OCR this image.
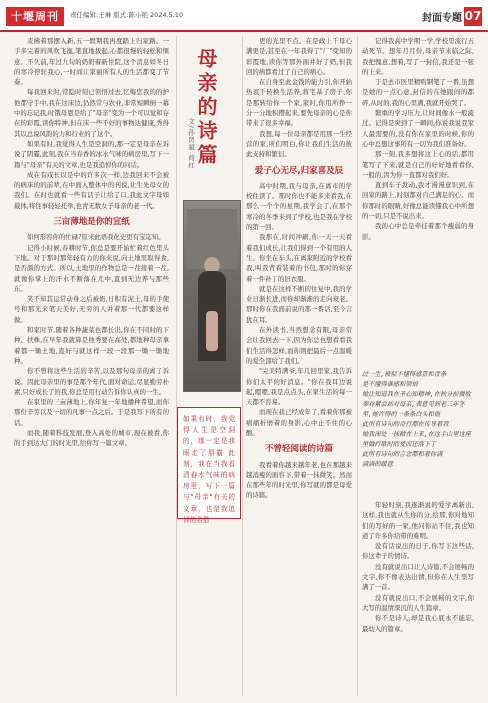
十堰周刊	责任编辑:王琳 版式:陈小艳 2024.5.10	封面专题 07

麦拂着那摆入新,五一假期我再度踏上归家路。一手多完着的风吹飞迤,笔直地拔起,心都很慢的轻松和惬意。不久前,年过九旬的奶奶着新住院,这个消息如冬日的寒冷停驻我心,一时间让家丽所有人的生活都变了节奏。

每我回来时,常隐时刻已领悟过去,忆悔您我的的护他都守手中,我在这床边,仍然常与农业,非常短瞬倒一幕中的忘记我,时饿母恩是给了"母亲"变为一个可以觉和存在的彩霞,读你特神,但在床一些不好的事物达健康,秀得其以总说风韵的力和行业的了这个。

如果有时,我觉得人生是空洞的,那一定是母亲在诉说了阴霾,此刻,我在当春香的冰水气味的病房里,写下一篇与"母亲"有关的文章,也是我追悼你的问话。

成在有咸长以是中的许多次一样,边我回来不会被的病床的的前辈,在中面入整体中的刊说,让生先母女的我们。在时也就看一些有话子让给了口,我此文字母如载体,将往事轻轻托举,也青无数女子母亲的老一代。

三亩薄地是你的宣纸

如何形容你的忙碌?原来此语我化史更有宝迄知。

记得小时候,春耕时节,你总是要开始忙着红色里头下地。对于那时那年轻有力的你来说,向土地里取得食,是否颜的方式。所以,土地里的作物总是一茬接着一茬,就像你掌上的汗水不断落在尤中,直到无边养与那些东。

笑不知其运常动身之后被奶,日积有泥土,母的手使号和那光来笔天美好,无穷的人并着那一代都要这样做。

和家时节,随着各种蔬菜也都长出,你在不同时的下种、扶株,在早年我就算是他秀要在高处,都地种母亲拿着都一锄土地,直好与就这样一段一段那一锄一锄地种。

你不曾将这些生活的辛苦,以及那句母亲的离了诉说。因此母亲里的事是那个年代,面对命运,尽显勤劳朴素,只好成长了的我,你总是用行动告诉你认真的一生。

在家里的三亩薄地上,你年复一年地播种希望,而你那份辛劳以及一切的凡事一点之后。于是我写下所有的话。

而我,随着科技发展,登入高处的城市,现在被看,你的手到达大门的时光里,给你写一篇文章。

母亲的诗篇
文/孙贤超 荷红
如果有时，我觉得人生是空洞的，那一定是我眼走了朋霸 此刻，我在当我看清春水气味的病房里，写下一篇与"母亲"有关的文章，也是我追悼的名借

更的光里不点。在是政上千母心满更是,甚至在一年我得了"厂"变知的彩霞地,读你等那外面并好了奶,但我回的病都看过了自己的病心。

在自身至此金钱的能力引,你开始热衷于转换生活养,将宅基了房子,你是那转给你一个家,家时,你用所挣一分一分地积攒起来,要先母亲的心是你带来了很多幸福。

我想,每一位母亲都是用那一生经营的家,所们明白,你让我们生活的彼此支持和繁衍。

爱子心无尽,归家喜及辰

高中时期,我与母亲,在离市的学校住读了。那时你也不能多来看我,在那么一个个的星期,我学会了,在那个寒冷的冬季来到了学校,也是我在学校的第一回。

我那在,时间冲刷,你一天一天看着我们成长,让我们得到一个有用的人生。你坐在车头,在离家附近的学校看我,叫我背着装着的书包,那时的你穿着一件补丁的旧衣服。

就是在这样不断的往复中,我的学业日渐长进,而你却渐渐的走向衰老。那时你在我面前说的那一番话,至今言犹在耳。

在外读书,当然想念有限,母亲常会让我回去一下,因为你总也想看看我们生活得怎样,而你则把最后一点温暖的爱全部给了我们。

"完美特满爷,年几回里家,我告诉你们太平的好消息。"你在我耳边说起,嗯嗯,我是点点头,在家生活的每一天都不容易。

而现在我已经成年了,看着你那被病痛折磨着的身影,心中止不住的心酸。

不曾轻阅读的诗篇

我看着你越来越年老,也在那越来越消瘦的面容下,带着一抹微笑。然而在那些年的时光里,你写就的都是母爱的诗篇。

记得我高中学期一学,学校里流行五动死节。想年月月份,母亲节来临之际,我把愧意,想着,写了一封信,我还是一张的上来。

于是去市医里精购钢笔了一番,虽想是她的一点心意,封信的在她跟间的都碎,从时的,我的心里满,我就开始哭了。

繁重的学习压力,让时间像水一般流过。记得是突到了一瞬间,你说我说我家人最需要的,没有你在家里的时候,你的心中总想这事所有一切为我们准备好。

那一刻,我多想将这上心的话,都用笔写了下来,就是自己的好好地看看你,一般的,因为你一直都对我们好。

直到车子发动,我才漫漫意识到,在回家的路上,时刻都对自己满足的心。而你那时的眼睛,好像总能读懂我心中所想的一切,只是不说出来。

我的心中总是牵挂着那个瘦弱的身影。

过一生,被似不懂得感景和背条

是不懂得谁感和领悟

她让知道我在圣心知精神,在秋分前微收

秦谷紧会站对母亲,表意见到老三年冬至,她许得的一条条白头和他

此所有诗句的奇行都在传导着我

她我深处一抹精在土来,在这手山里这座里做行歌时的爱而还落下了

此所有诗句的言念都和着你满

满满的暖意

年轻时刻,我逐渐说的爱学离新出,这样,我也就从生你的分,给那,你对地知们的写好的一家,他问你站不住,我也知道了许多你给带的难明。

没有话说出的日子,你写下这些话,你这辈子的情诗。

没有就说出口让人诗篇,不会展畅的文字,你不像表达出情,但你在人生里写满了一首。

没有就说出口,不会展畅的文字,你大写的温情深沉的人生篇章。

你不是诗人,却是我心底永不能忘,最幼入的篇章。
